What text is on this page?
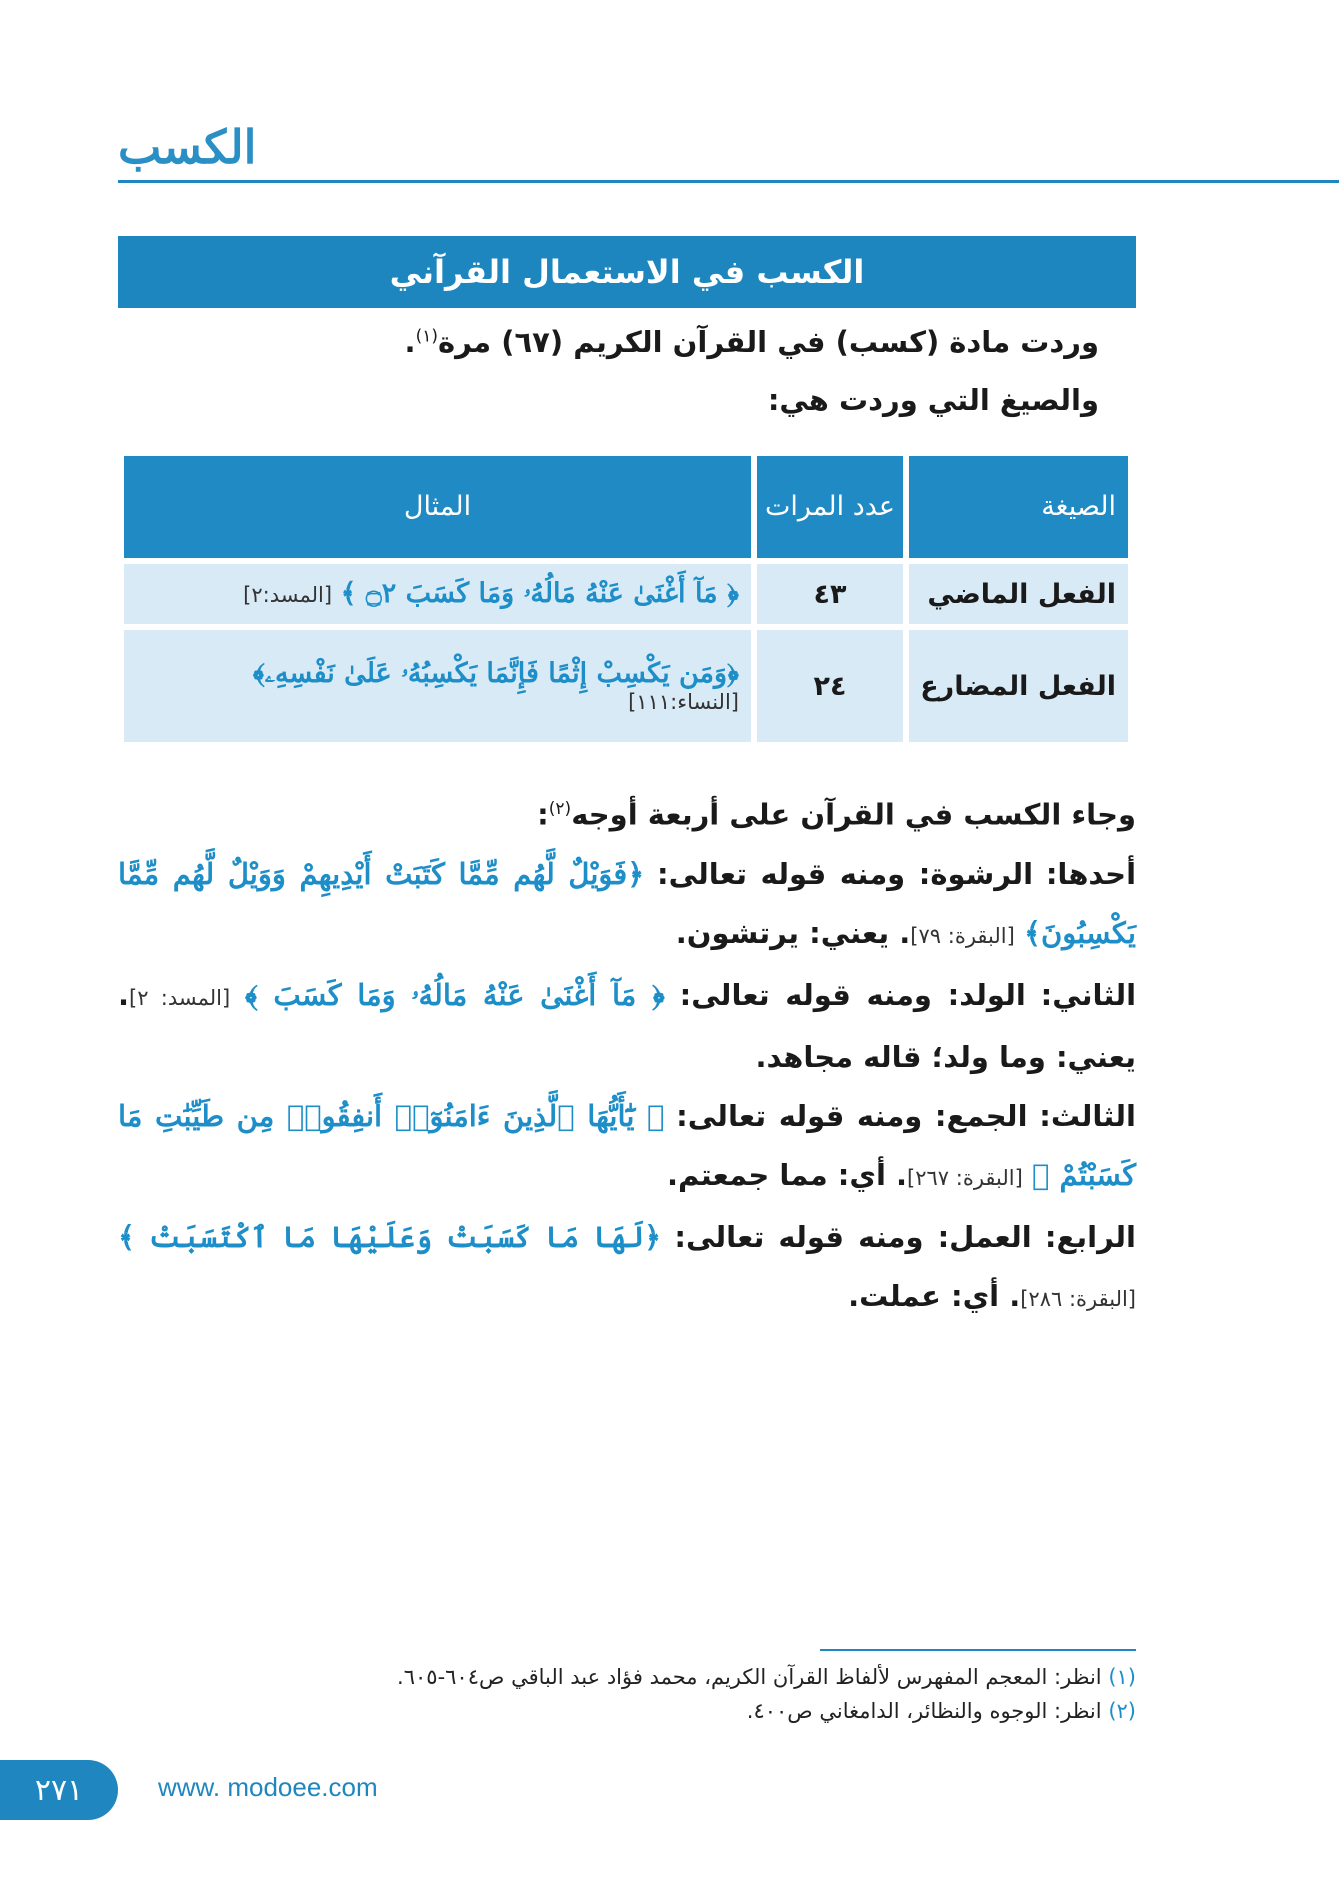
الكسب
الكسب في الاستعمال القرآني
وردت مادة (كسب) في القرآن الكريم (٦٧) مرة$^{(١)}$.
والصيغ التي وردت هي:
الصيغة	عدد المرات	المثال
الفعل الماضي	٤٣	﴿ مَآ أَغْنَىٰ عَنْهُ مَالُهُۥ وَمَا كَسَبَ ۝٢ ﴾ [المسد:٢]
الفعل المضارع	٢٤	﴿وَمَن يَكْسِبْ إِثْمًا فَإِنَّمَا يَكْسِبُهُۥ عَلَىٰ نَفْسِهِۦ﴾
[النساء:١١١]

وجاء الكسب في القرآن على أربعة أوجه$^{(٢)}$:

أحدها: الرشوة: ومنه قوله تعالى: ﴿فَوَيْلٌ لَّهُم مِّمَّا كَتَبَتْ أَيْدِيهِمْ وَوَيْلٌ لَّهُم مِّمَّا يَكْسِبُونَ﴾ [البقرة: ٧٩]. يعني: يرتشون.

الثاني: الولد: ومنه قوله تعالى: ﴿ مَآ أَغْنَىٰ عَنْهُ مَالُهُۥ وَمَا كَسَبَ ﴾ [المسد: ٢]. يعني: وما ولد؛ قاله مجاهد.

الثالث: الجمع: ومنه قوله تعالى: ﴿ يَٰٓأَيُّهَا ٱلَّذِينَ ءَامَنُوٓا۟ أَنفِقُوا۟ مِن طَيِّبَٰتِ مَا كَسَبْتُمْ ﴾ [البقرة: ٢٦٧]. أي: مما جمعتم.

الرابع: العمل: ومنه قوله تعالى: ﴿لَهَا مَا كَسَبَتْ وَعَلَيْهَا مَا ٱكْتَسَبَتْ ﴾ [البقرة: ٢٨٦]. أي: عملت.

(١) انظر: المعجم المفهرس لألفاظ القرآن الكريم، محمد فؤاد عبد الباقي ص٦٠٤-٦٠٥.

(٢) انظر: الوجوه والنظائر، الدامغاني ص٤٠٠.

٢٧١	www. modoee.com
